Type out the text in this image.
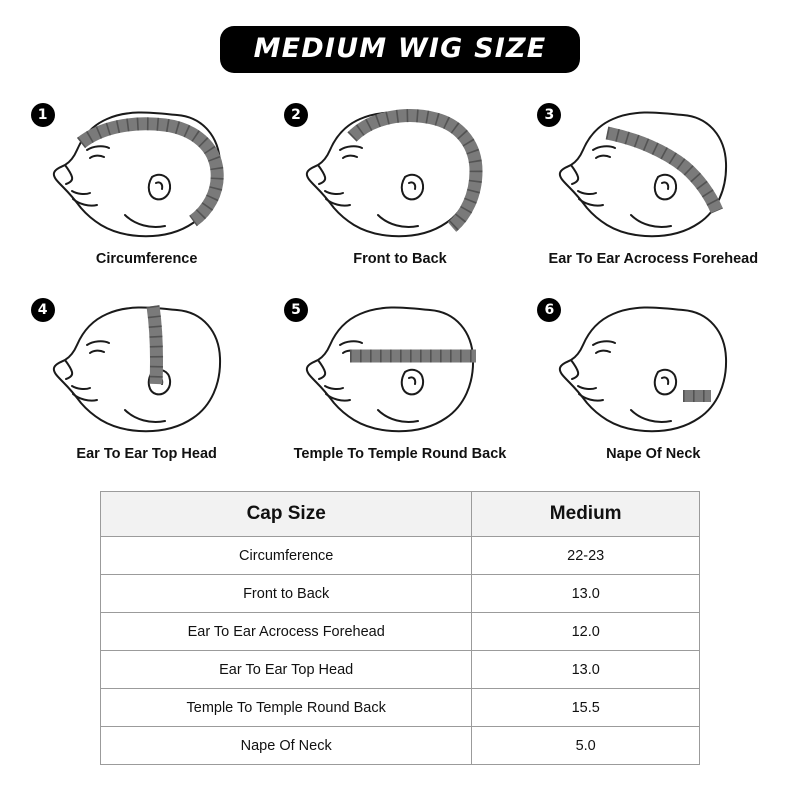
MEDIUM WIG SIZE
1
Circumference
2
Front to Back
3
Ear To Ear Acrocess Forehead
4
Ear To Ear Top Head
5
Temple To Temple Round Back
6
Nape Of Neck
Cap Size	Medium
Circumference	22-23
Front to Back	13.0
Ear To Ear Acrocess Forehead	12.0
Ear To Ear Top Head	13.0
Temple To Temple Round Back	15.5
Nape Of Neck	5.0
